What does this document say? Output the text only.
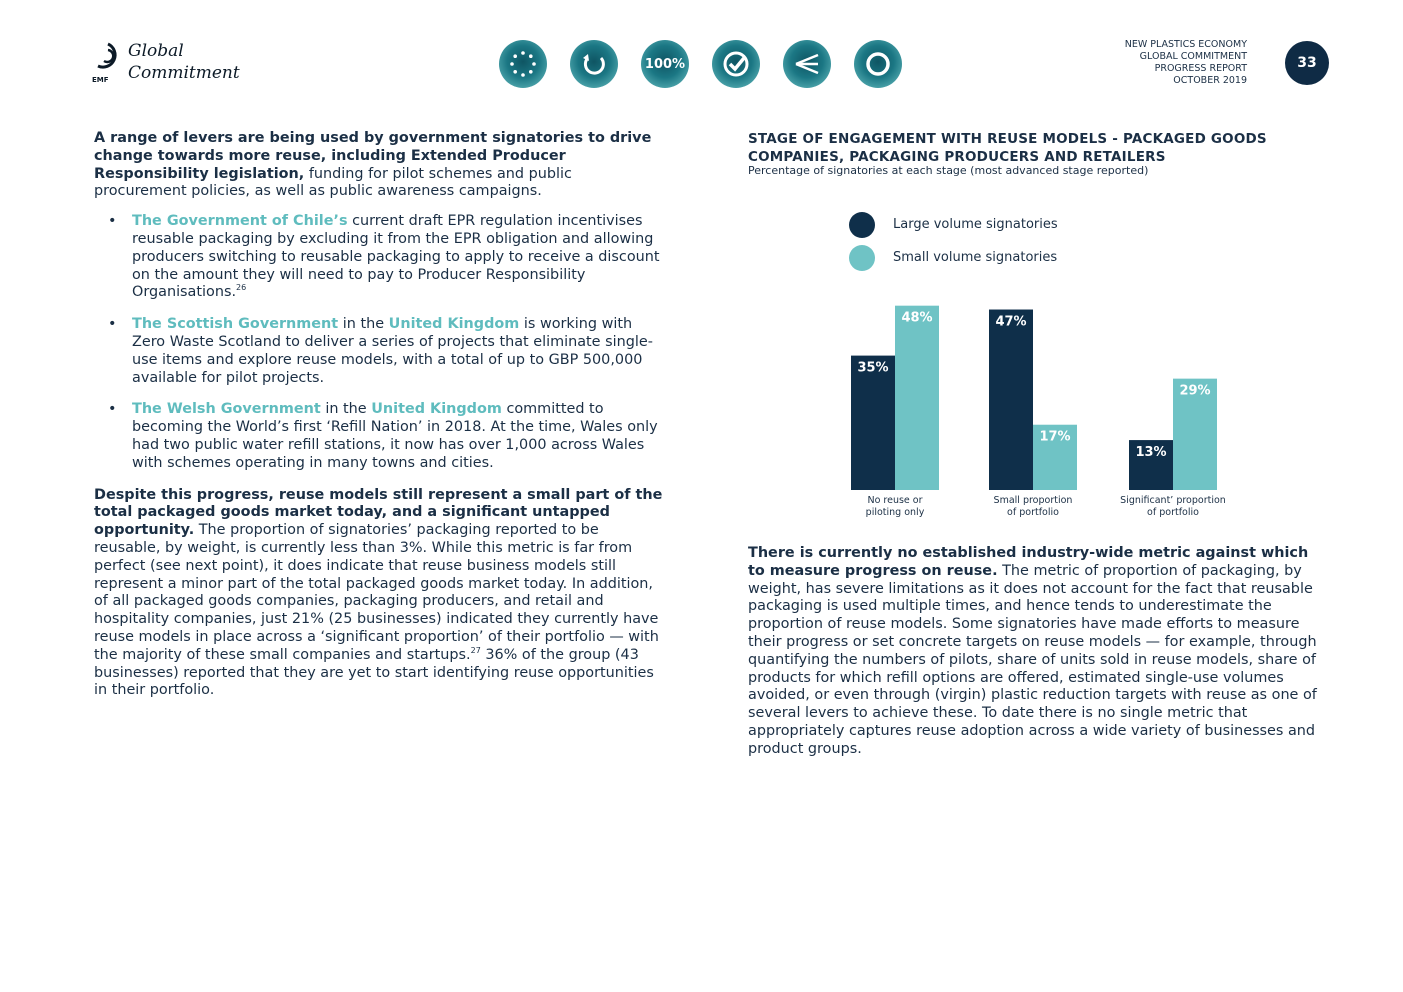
Global
Commitment
EMF
100%
NEW PLASTICS ECONOMY
GLOBAL COMMITMENT
PROGRESS REPORT
OCTOBER 2019
33

A range of levers are being used by government signatories to drive change towards more reuse, including Extended Producer Responsibility legislation, funding for pilot schemes and public procurement policies, as well as public awareness campaigns.

• The Government of Chile’s current draft EPR regulation incentivises reusable packaging by excluding it from the EPR obligation and allowing producers switching to reusable packaging to apply to receive a discount on the amount they will need to pay to Producer Responsibility Organisations.$^{26}$
• The Scottish Government in the United Kingdom is working with Zero Waste Scotland to deliver a series of projects that eliminate single-use items and explore reuse models, with a total of up to GBP 500,000 available for pilot projects.
• The Welsh Government in the United Kingdom committed to becoming the World’s first ‘Refill Nation’ in 2018. At the time, Wales only had two public water refill stations, it now has over 1,000 across Wales with schemes operating in many towns and cities.

Despite this progress, reuse models still represent a small part of the total packaged goods market today, and a significant untapped opportunity. The proportion of signatories’ packaging reported to be reusable, by weight, is currently less than 3%. While this metric is far from perfect (see next point), it does indicate that reuse business models still represent a minor part of the total packaged goods market today. In addition, of all packaged goods companies, packaging producers, and retail and hospitality companies, just 21% (25 businesses) indicated they currently have reuse models in place across a ‘significant proportion’ of their portfolio — with the majority of these small companies and startups.$^{27}$ 36% of the group (43 businesses) reported that they are yet to start identifying reuse opportunities in their portfolio.

STAGE OF ENGAGEMENT WITH REUSE MODELS - PACKAGED GOODS COMPANIES, PACKAGING PRODUCERS AND RETAILERS
Percentage of signatories at each stage (most advanced stage reported)
Large volume signatories
Small volume signatories
35%
48%
No reuse or
piloting only
47%
17%
Small proportion
of portfolio
13%
29%
Significant’ proportion
of portfolio

There is currently no established industry-wide metric against which to measure progress on reuse. The metric of proportion of packaging, by weight, has severe limitations as it does not account for the fact that reusable packaging is used multiple times, and hence tends to underestimate the proportion of reuse models. Some signatories have made efforts to measure their progress or set concrete targets on reuse models — for example, through quantifying the numbers of pilots, share of units sold in reuse models, share of products for which refill options are offered, estimated single-use volumes avoided, or even through (virgin) plastic reduction targets with reuse as one of several levers to achieve these. To date there is no single metric that appropriately captures reuse adoption across a wide variety of businesses and product groups.
